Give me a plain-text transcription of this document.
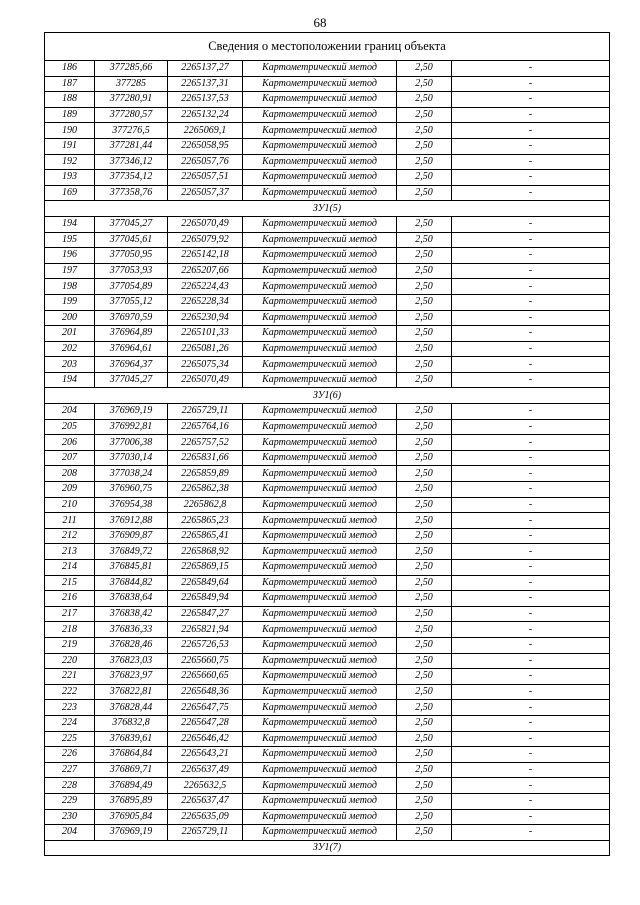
68
Сведения о местоположении границ объекта					
186	377285,66	2265137,27	Картометрический метод	2,50	-
187	377285	2265137,31	Картометрический метод	2,50	-
188	377280,91	2265137,53	Картометрический метод	2,50	-
189	377280,57	2265132,24	Картометрический метод	2,50	-
190	377276,5	2265069,1	Картометрический метод	2,50	-
191	377281,44	2265058,95	Картометрический метод	2,50	-
192	377346,12	2265057,76	Картометрический метод	2,50	-
193	377354,12	2265057,51	Картометрический метод	2,50	-
169	377358,76	2265057,37	Картометрический метод	2,50	-
ЗУ1(5)					
194	377045,27	2265070,49	Картометрический метод	2,50	-
195	377045,61	2265079,92	Картометрический метод	2,50	-
196	377050,95	2265142,18	Картометрический метод	2,50	-
197	377053,93	2265207,66	Картометрический метод	2,50	-
198	377054,89	2265224,43	Картометрический метод	2,50	-
199	377055,12	2265228,34	Картометрический метод	2,50	-
200	376970,59	2265230,94	Картометрический метод	2,50	-
201	376964,89	2265101,33	Картометрический метод	2,50	-
202	376964,61	2265081,26	Картометрический метод	2,50	-
203	376964,37	2265075,34	Картометрический метод	2,50	-
194	377045,27	2265070,49	Картометрический метод	2,50	-
ЗУ1(6)					
204	376969,19	2265729,11	Картометрический метод	2,50	-
205	376992,81	2265764,16	Картометрический метод	2,50	-
206	377006,38	2265757,52	Картометрический метод	2,50	-
207	377030,14	2265831,66	Картометрический метод	2,50	-
208	377038,24	2265859,89	Картометрический метод	2,50	-
209	376960,75	2265862,38	Картометрический метод	2,50	-
210	376954,38	2265862,8	Картометрический метод	2,50	-
211	376912,88	2265865,23	Картометрический метод	2,50	-
212	376909,87	2265865,41	Картометрический метод	2,50	-
213	376849,72	2265868,92	Картометрический метод	2,50	-
214	376845,81	2265869,15	Картометрический метод	2,50	-
215	376844,82	2265849,64	Картометрический метод	2,50	-
216	376838,64	2265849,94	Картометрический метод	2,50	-
217	376838,42	2265847,27	Картометрический метод	2,50	-
218	376836,33	2265821,94	Картометрический метод	2,50	-
219	376828,46	2265726,53	Картометрический метод	2,50	-
220	376823,03	2265660,75	Картометрический метод	2,50	-
221	376823,97	2265660,65	Картометрический метод	2,50	-
222	376822,81	2265648,36	Картометрический метод	2,50	-
223	376828,44	2265647,75	Картометрический метод	2,50	-
224	376832,8	2265647,28	Картометрический метод	2,50	-
225	376839,61	2265646,42	Картометрический метод	2,50	-
226	376864,84	2265643,21	Картометрический метод	2,50	-
227	376869,71	2265637,49	Картометрический метод	2,50	-
228	376894,49	2265632,5	Картометрический метод	2,50	-
229	376895,89	2265637,47	Картометрический метод	2,50	-
230	376905,84	2265635,09	Картометрический метод	2,50	-
204	376969,19	2265729,11	Картометрический метод	2,50	-
ЗУ1(7)					
